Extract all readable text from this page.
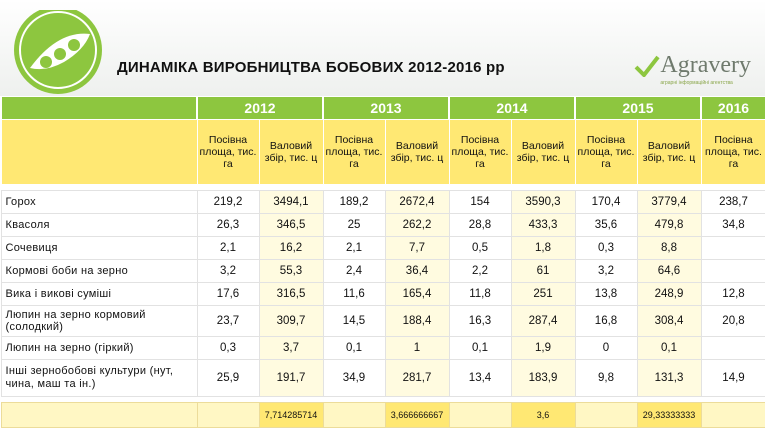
ДИНАМІКА ВИРОБНИЦТВА БОБОВИХ 2012-2016 рр	Agravery
аграрні інформаційні агентства
	2012		2013		2014		2015		2016
	Посівна площа, тис. га	Валовий збір, тис. ц	Посівна площа, тис. га	Валовий збір, тис. ц	Посівна площа, тис. га	Валовий збір, тис. ц	Посівна площа, тис. га	Валовий збір, тис. ц	Посівна площа, тис. га

Горох	219,2	3494,1	189,2	2672,4	154	3590,3	170,4	3779,4	238,7
Квасоля	26,3	346,5	25	262,2	28,8	433,3	35,6	479,8	34,8
Сочевиця	2,1	16,2	2,1	7,7	0,5	1,8	0,3	8,8	
Кормові боби на зерно	3,2	55,3	2,4	36,4	2,2	61	3,2	64,6	
Вика і викові суміші	17,6	316,5	11,6	165,4	11,8	251	13,8	248,9	12,8
Люпин на зерно кормовий (солодкий)	23,7	309,7	14,5	188,4	16,3	287,4	16,8	308,4	20,8
Люпин на зерно (гіркий)	0,3	3,7	0,1	1	0,1	1,9	0	0,1	
Інші зернобобові культури (нут, чина, маш та ін.)	25,9	191,7	34,9	281,7	13,4	183,9	9,8	131,3	14,9

		7,714285714		3,666666667		3,6		29,33333333	
